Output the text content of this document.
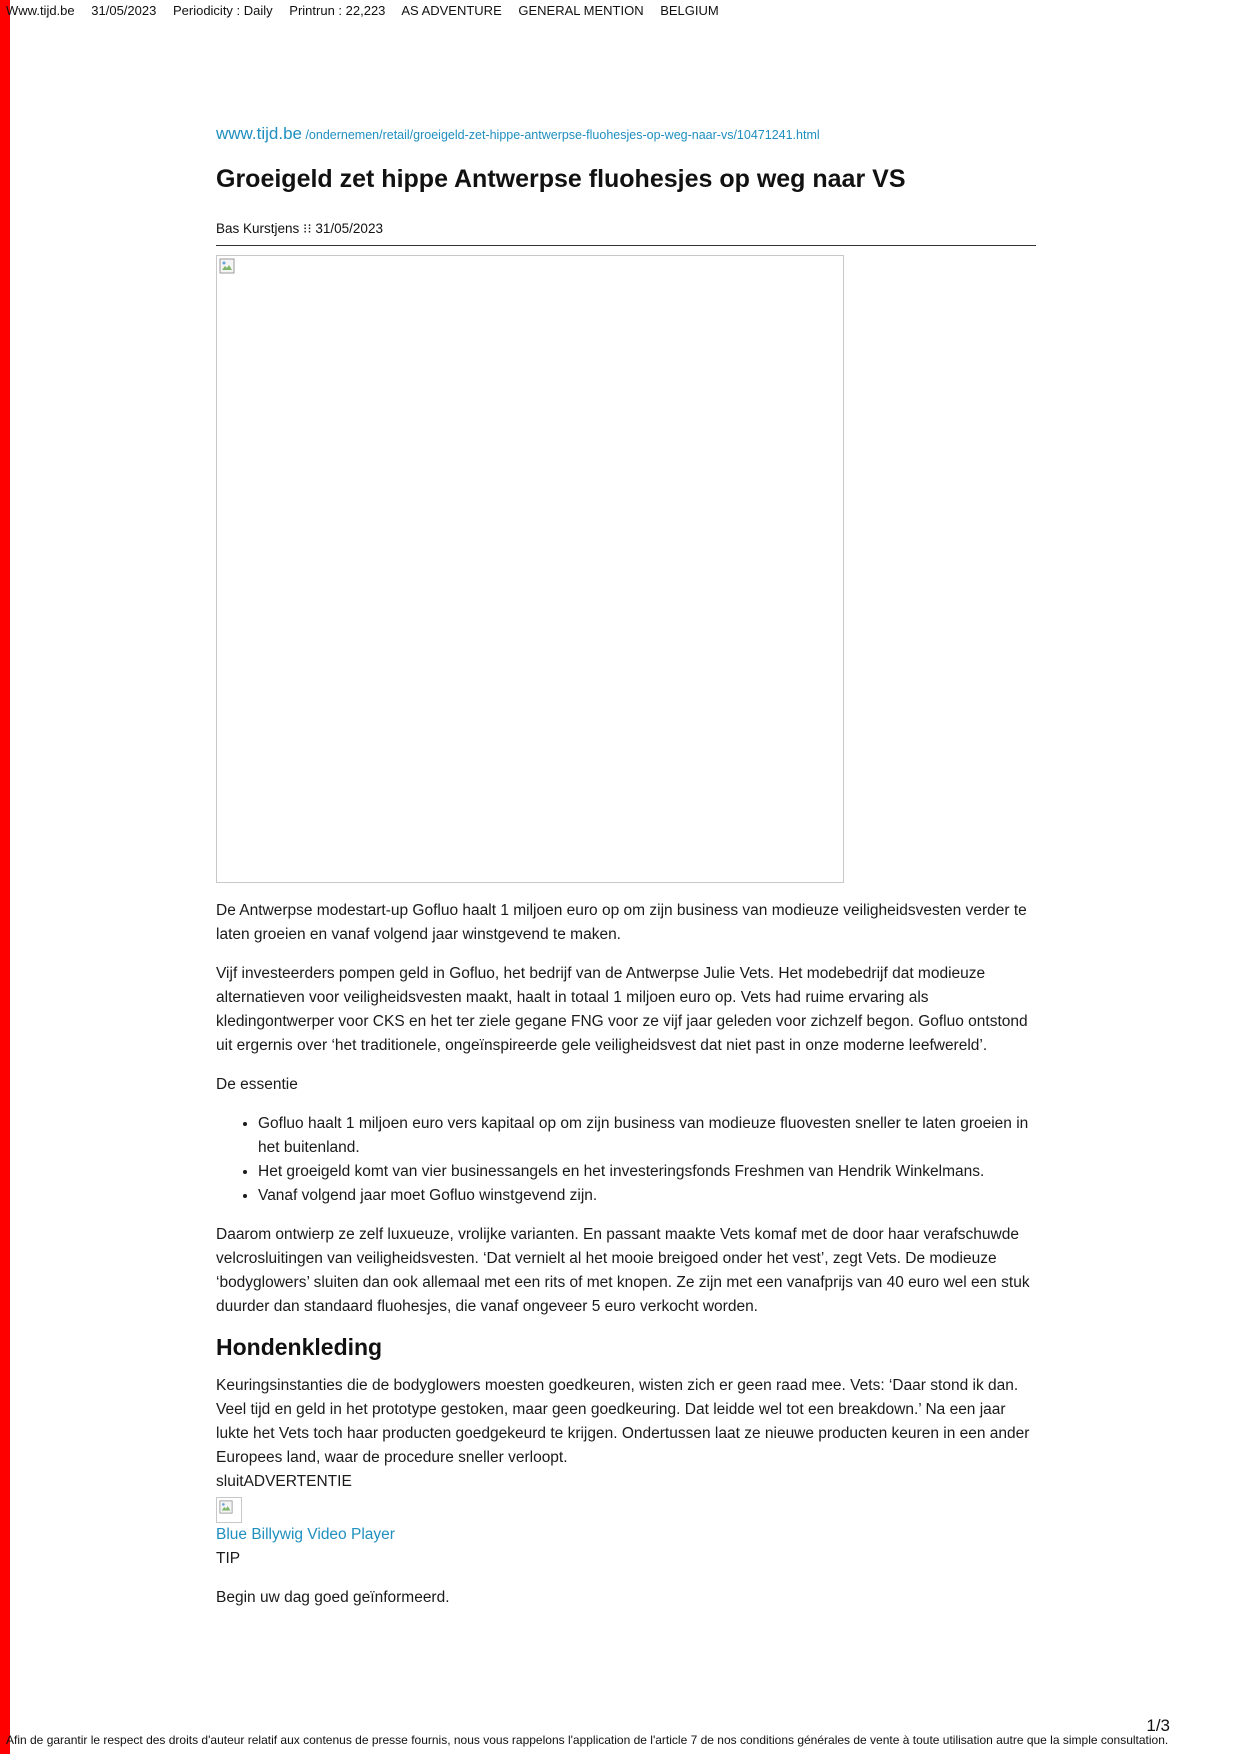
Www.tijd.be 31/05/2023 Periodicity : Daily Printrun : 22,223 AS ADVENTURE GENERAL MENTION BELGIUM
www.tijd.be /ondernemen/retail/groeigeld-zet-hippe-antwerpse-fluohesjes-op-weg-naar-vs/10471241.html
Groeigeld zet hippe Antwerpse fluohesjes op weg naar VS
Bas Kurstjens ⁝⁝ 31/05/2023

De Antwerpse modestart-up Gofluo haalt 1 miljoen euro op om zijn business van modieuze veiligheidsvesten verder te laten groeien en vanaf volgend jaar winstgevend te maken.

Vijf investeerders pompen geld in Gofluo, het bedrijf van de Antwerpse Julie Vets. Het modebedrijf dat modieuze alternatieven voor veiligheidsvesten maakt, haalt in totaal 1 miljoen euro op. Vets had ruime ervaring als kledingontwerper voor CKS en het ter ziele gegane FNG voor ze vijf jaar geleden voor zichzelf begon. Gofluo ontstond uit ergernis over ‘het traditionele, ongeïnspireerde gele veiligheidsvest dat niet past in onze moderne leefwereld’.

De essentie

• Gofluo haalt 1 miljoen euro vers kapitaal op om zijn business van modieuze fluovesten sneller te laten groeien in het buitenland.
• Het groeigeld komt van vier businessangels en het investeringsfonds Freshmen van Hendrik Winkelmans.
• Vanaf volgend jaar moet Gofluo winstgevend zijn.

Daarom ontwierp ze zelf luxueuze, vrolijke varianten. En passant maakte Vets komaf met de door haar verafschuwde velcrosluitingen van veiligheidsvesten. ‘Dat vernielt al het mooie breigoed onder het vest’, zegt Vets. De modieuze ‘bodyglowers’ sluiten dan ook allemaal met een rits of met knopen. Ze zijn met een vanafprijs van 40 euro wel een stuk duurder dan standaard fluohesjes, die vanaf ongeveer 5 euro verkocht worden.

Hondenkleding

Keuringsinstanties die de bodyglowers moesten goedkeuren, wisten zich er geen raad mee. Vets: ‘Daar stond ik dan. Veel tijd en geld in het prototype gestoken, maar geen goedkeuring. Dat leidde wel tot een breakdown.’ Na een jaar lukte het Vets toch haar producten goedgekeurd te krijgen. Ondertussen laat ze nieuwe producten keuren in een ander Europees land, waar de procedure sneller verloopt.

sluitADVERTENTIE

Blue Billywig Video Player

TIP

Begin uw dag goed geïnformeerd.

1/3
Afin de garantir le respect des droits d'auteur relatif aux contenus de presse fournis, nous vous rappelons l'application de l'article 7 de nos conditions générales de vente à toute utilisation autre que la simple consultation.
